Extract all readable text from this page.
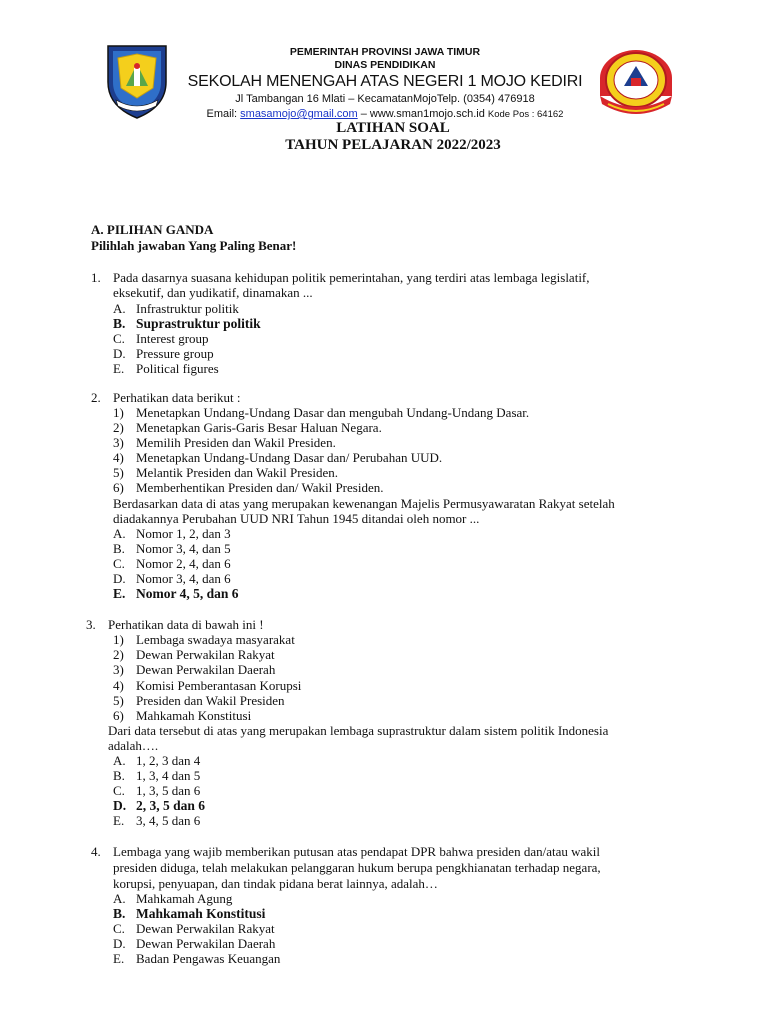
PEMERINTAH PROVINSI JAWA TIMUR
DINAS PENDIDIKAN
SEKOLAH MENENGAH ATAS NEGERI 1 MOJO KEDIRI
Jl Tambangan 16 Mlati – KecamatanMojoTelp. (0354) 476918
Email: smasamojo@gmail.com – www.sman1mojo.sch.id Kode Pos : 64162
LATIHAN SOAL
TAHUN PELAJARAN 2022/2023
A. PILIHAN GANDA
Pilihlah jawaban Yang Paling Benar!
1. Pada dasarnya suasana kehidupan politik pemerintahan, yang terdiri atas lembaga legislatif,
eksekutif, dan yudikatif, dinamakan ...
A. Infrastruktur politik
B. Suprastruktur politik
C. Interest group
D. Pressure group
E. Political figures
2. Perhatikan data berikut :
1) Menetapkan Undang-Undang Dasar dan mengubah Undang-Undang Dasar.
2) Menetapkan Garis-Garis Besar Haluan Negara.
3) Memilih Presiden dan Wakil Presiden.
4) Menetapkan Undang-Undang Dasar dan/ Perubahan UUD.
5) Melantik Presiden dan Wakil Presiden.
6) Memberhentikan Presiden dan/ Wakil Presiden.
Berdasarkan data di atas yang merupakan kewenangan Majelis Permusyawaratan Rakyat setelah
diadakannya Perubahan UUD NRI Tahun 1945 ditandai oleh nomor ...
A. Nomor 1, 2, dan 3
B. Nomor 3, 4, dan 5
C. Nomor 2, 4, dan 6
D. Nomor 3, 4, dan 6
E. Nomor 4, 5, dan 6
3. Perhatikan data di bawah ini !
1) Lembaga swadaya masyarakat
2) Dewan Perwakilan Rakyat
3) Dewan Perwakilan Daerah
4) Komisi Pemberantasan Korupsi
5) Presiden dan Wakil Presiden
6) Mahkamah Konstitusi
Dari data tersebut di atas yang merupakan lembaga suprastruktur dalam sistem politik Indonesia
adalah….
A. 1, 2, 3 dan 4
B. 1, 3, 4 dan 5
C. 1, 3, 5 dan 6
D. 2, 3, 5 dan 6
E. 3, 4, 5 dan 6
4. Lembaga yang wajib memberikan putusan atas pendapat DPR bahwa presiden dan/atau wakil
presiden diduga, telah melakukan pelanggaran hukum berupa pengkhianatan terhadap negara,
korupsi, penyuapan, dan tindak pidana berat lainnya, adalah…
A. Mahkamah Agung
B. Mahkamah Konstitusi
C. Dewan Perwakilan Rakyat
D. Dewan Perwakilan Daerah
E. Badan Pengawas Keuangan
